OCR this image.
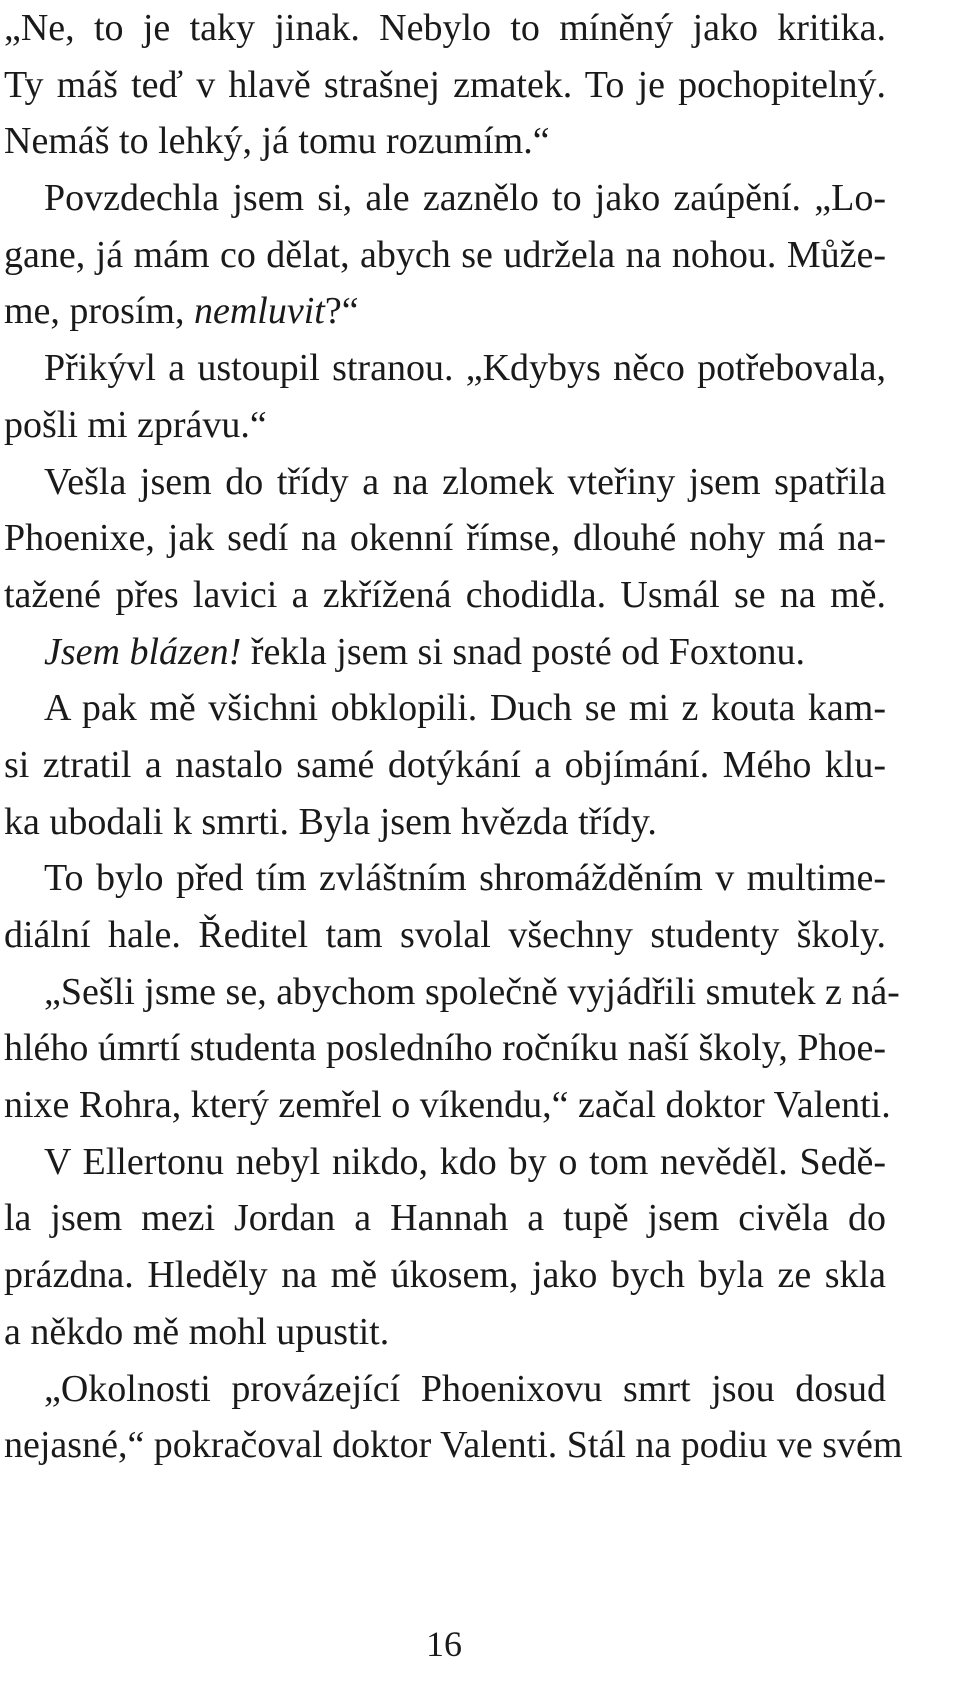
„Ne, to je taky jinak. Nebylo to míněný jako kritika.
Ty máš teď v hlavě strašnej zmatek. To je pochopitelný.
Nemáš to lehký, já tomu rozumím.“
Povzdechla jsem si, ale zaznělo to jako zaúpění. „Lo-
gane, já mám co dělat, abych se udržela na nohou. Může-
me, prosím, nemluvit?“
Přikývl a ustoupil stranou. „Kdybys něco potřebovala,
pošli mi zprávu.“
Vešla jsem do třídy a na zlomek vteřiny jsem spatřila
Phoenixe, jak sedí na okenní římse, dlouhé nohy má na-
tažené přes lavici a zkřížená chodidla. Usmál se na mě.
Jsem blázen! řekla jsem si snad posté od Foxtonu.
A pak mě všichni obklopili. Duch se mi z kouta kam-
si ztratil a nastalo samé dotýkání a objímání. Mého klu-
ka ubodali k smrti. Byla jsem hvězda třídy.
To bylo před tím zvláštním shromážděním v multime-
diální hale. Ředitel tam svolal všechny studenty školy.
„Sešli jsme se, abychom společně vyjádřili smutek z ná-
hlého úmrtí studenta posledního ročníku naší školy, Phoe-
nixe Rohra, který zemřel o víkendu,“ začal doktor Valenti.
V Ellertonu nebyl nikdo, kdo by o tom nevěděl. Sedě-
la jsem mezi Jordan a Hannah a tupě jsem civěla do
prázdna. Hleděly na mě úkosem, jako bych byla ze skla
a někdo mě mohl upustit.
„Okolnosti provázející Phoenixovu smrt jsou dosud
nejasné,“ pokračoval doktor Valenti. Stál na podiu ve svém
16
